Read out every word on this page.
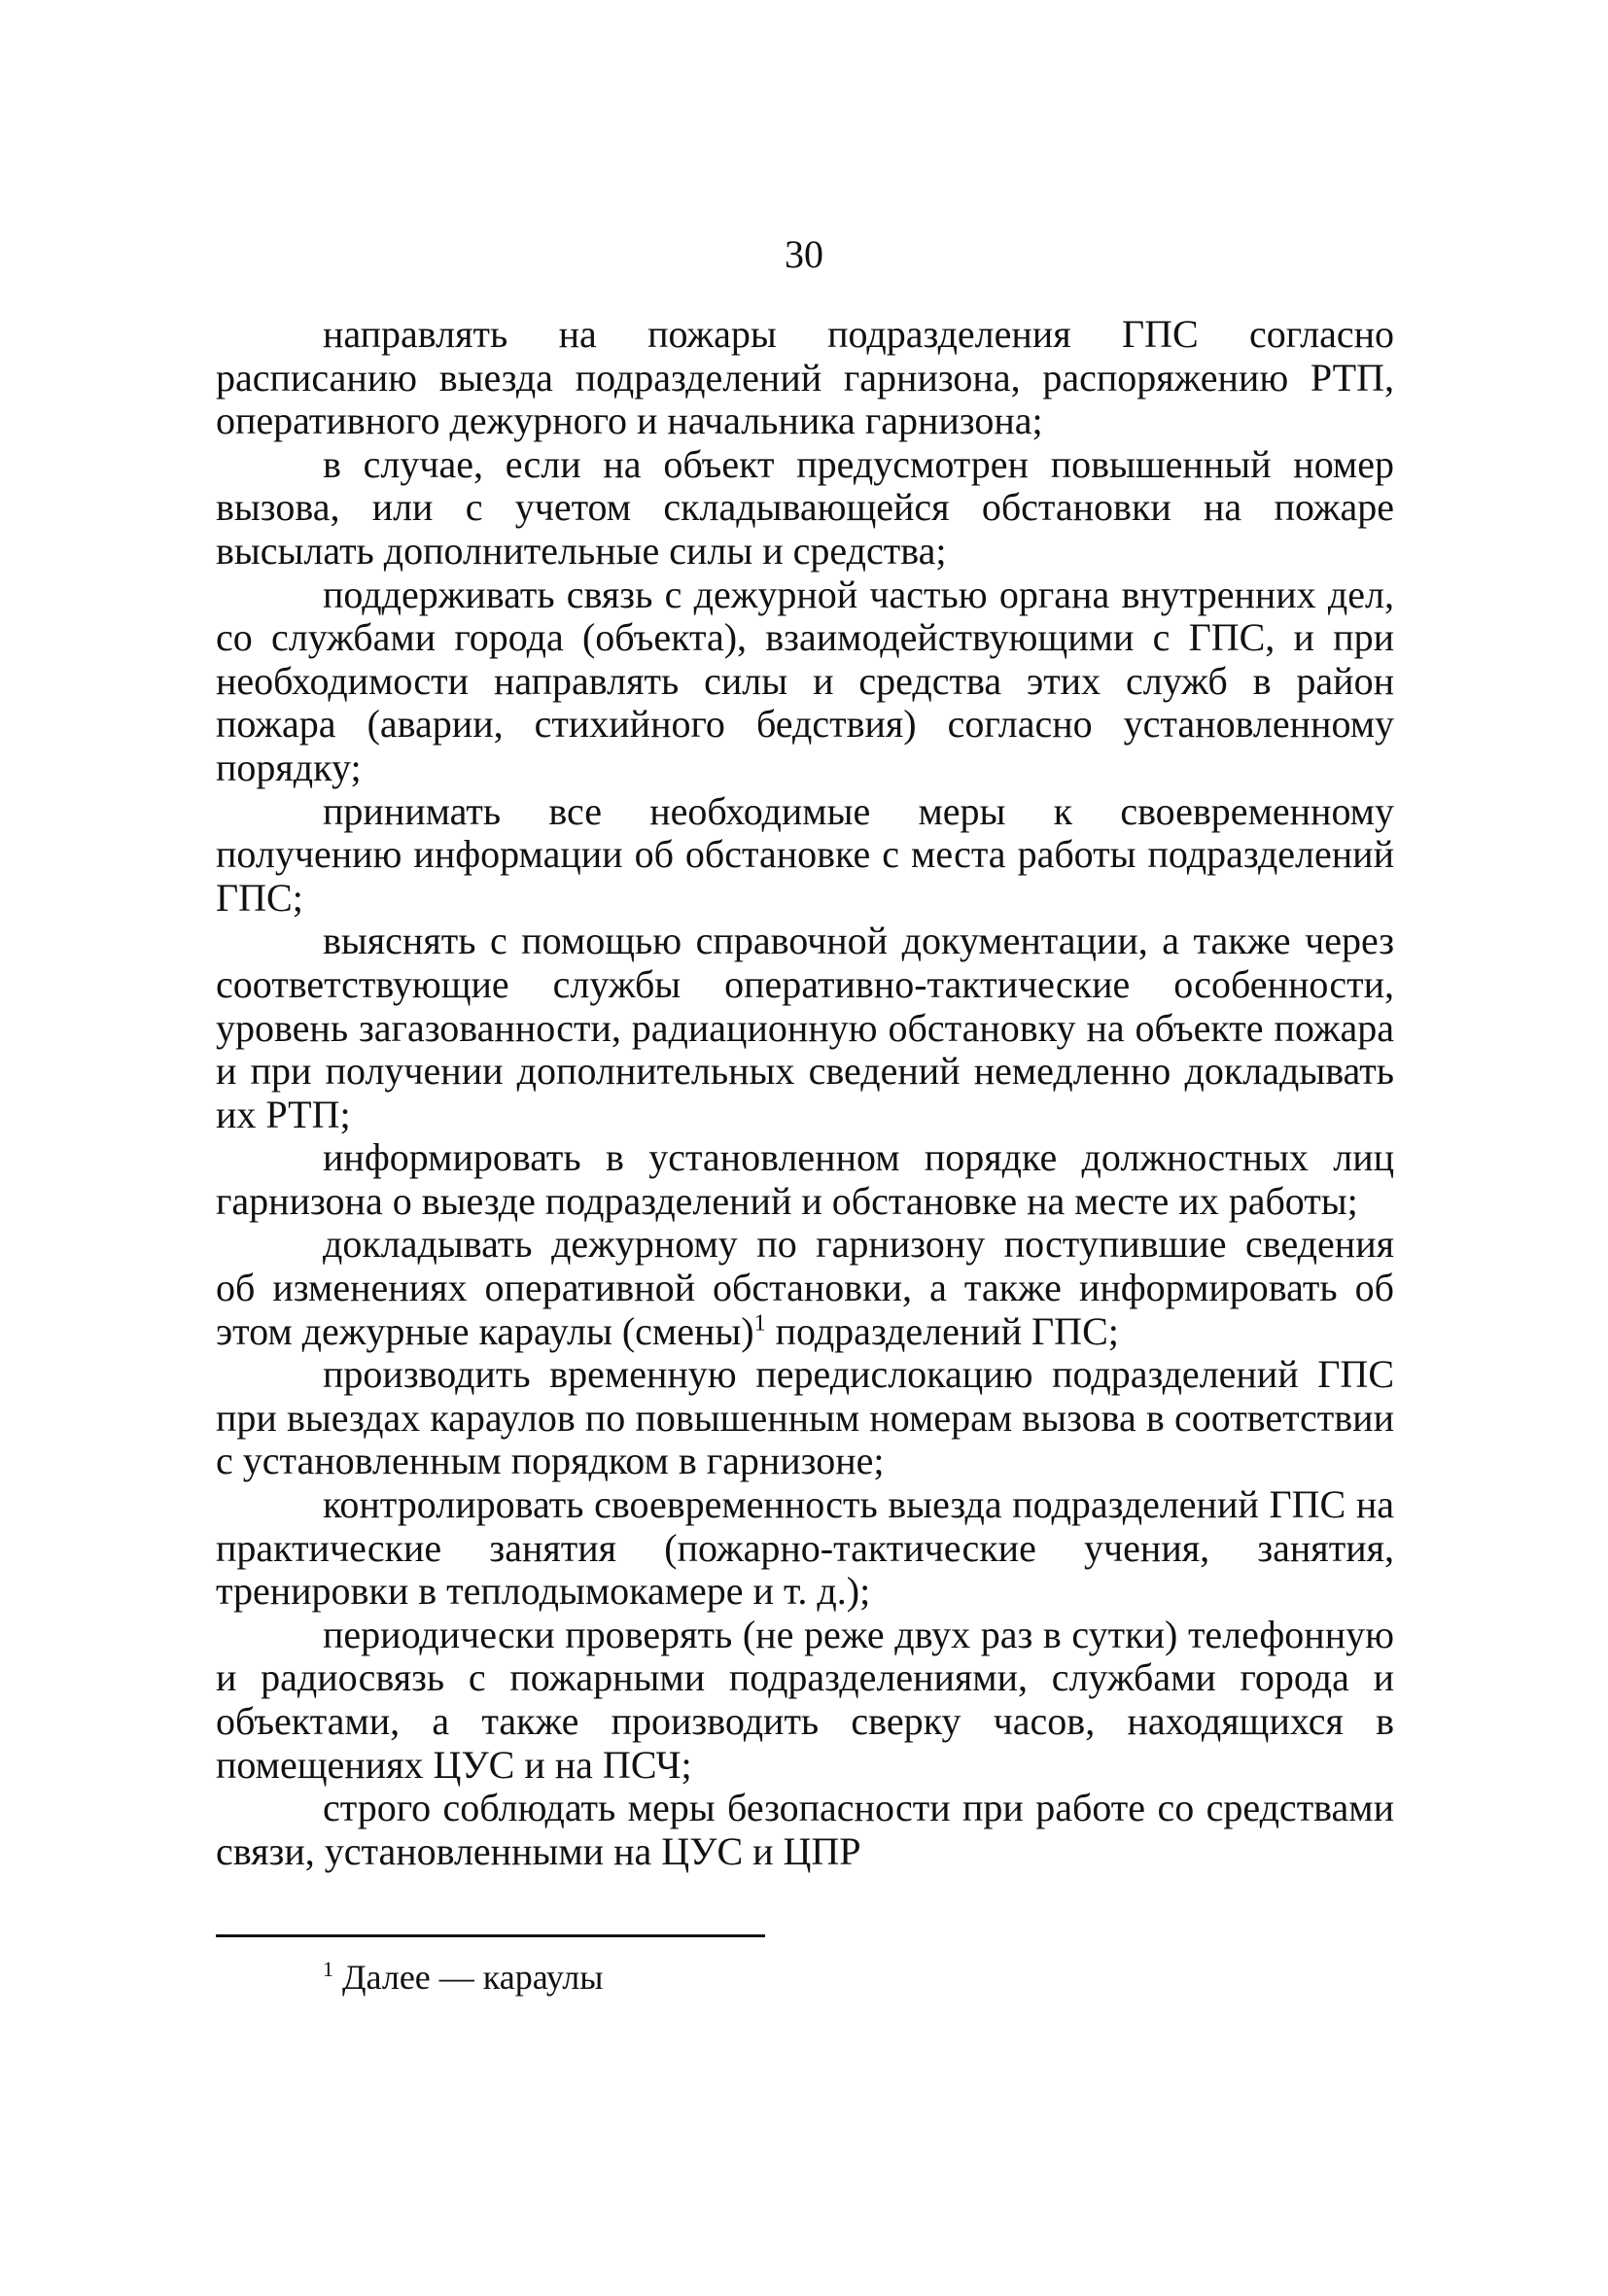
30

направлять на пожары подразделения ГПС согласно расписанию выезда подразделений гарнизона, распоряжению РТП, оперативного дежурного и начальника гарнизона;

в случае, если на объект предусмотрен повышенный номер вызова, или с учетом складывающейся обстановки на пожаре высылать дополнительные силы и средства;

поддерживать связь с дежурной частью органа внутренних дел, со службами города (объекта), взаимодействующими с ГПС, и при необходимости направлять силы и средства этих служб в район пожара (аварии, стихийного бедствия) согласно установленному порядку;

принимать все необходимые меры к своевременному получению информации об обстановке с места работы подразделений ГПС;

выяснять с помощью справочной документации, а также через соответствующие службы оперативно-тактические особенности, уровень загазованности, радиационную обстановку на объекте пожара и при получении дополнительных сведений немедленно докладывать их РТП;

информировать в установленном порядке должностных лиц гарнизона о выезде подразделений и обстановке на месте их работы;

докладывать дежурному по гарнизону поступившие сведения об изменениях оперативной обстановки, а также информировать об этом дежурные караулы (смены)$^1$ подразделений ГПС;

производить временную передислокацию подразделений ГПС при выездах караулов по повышенным номерам вызова в соответствии с установленным порядком в гарнизоне;

контролировать своевременность выезда подразделений ГПС на практические занятия (пожарно-тактические учения, занятия, тренировки в теплодымокамере и т. д.);

периодически проверять (не реже двух раз в сутки) телефонную и радиосвязь с пожарными подразделениями, службами города и объектами, а также производить сверку часов, находящихся в помещениях ЦУС и на ПСЧ;

строго соблюдать меры безопасности при работе со средствами связи, установленными на ЦУС и ЦПР

$^1$ Далее — караулы
